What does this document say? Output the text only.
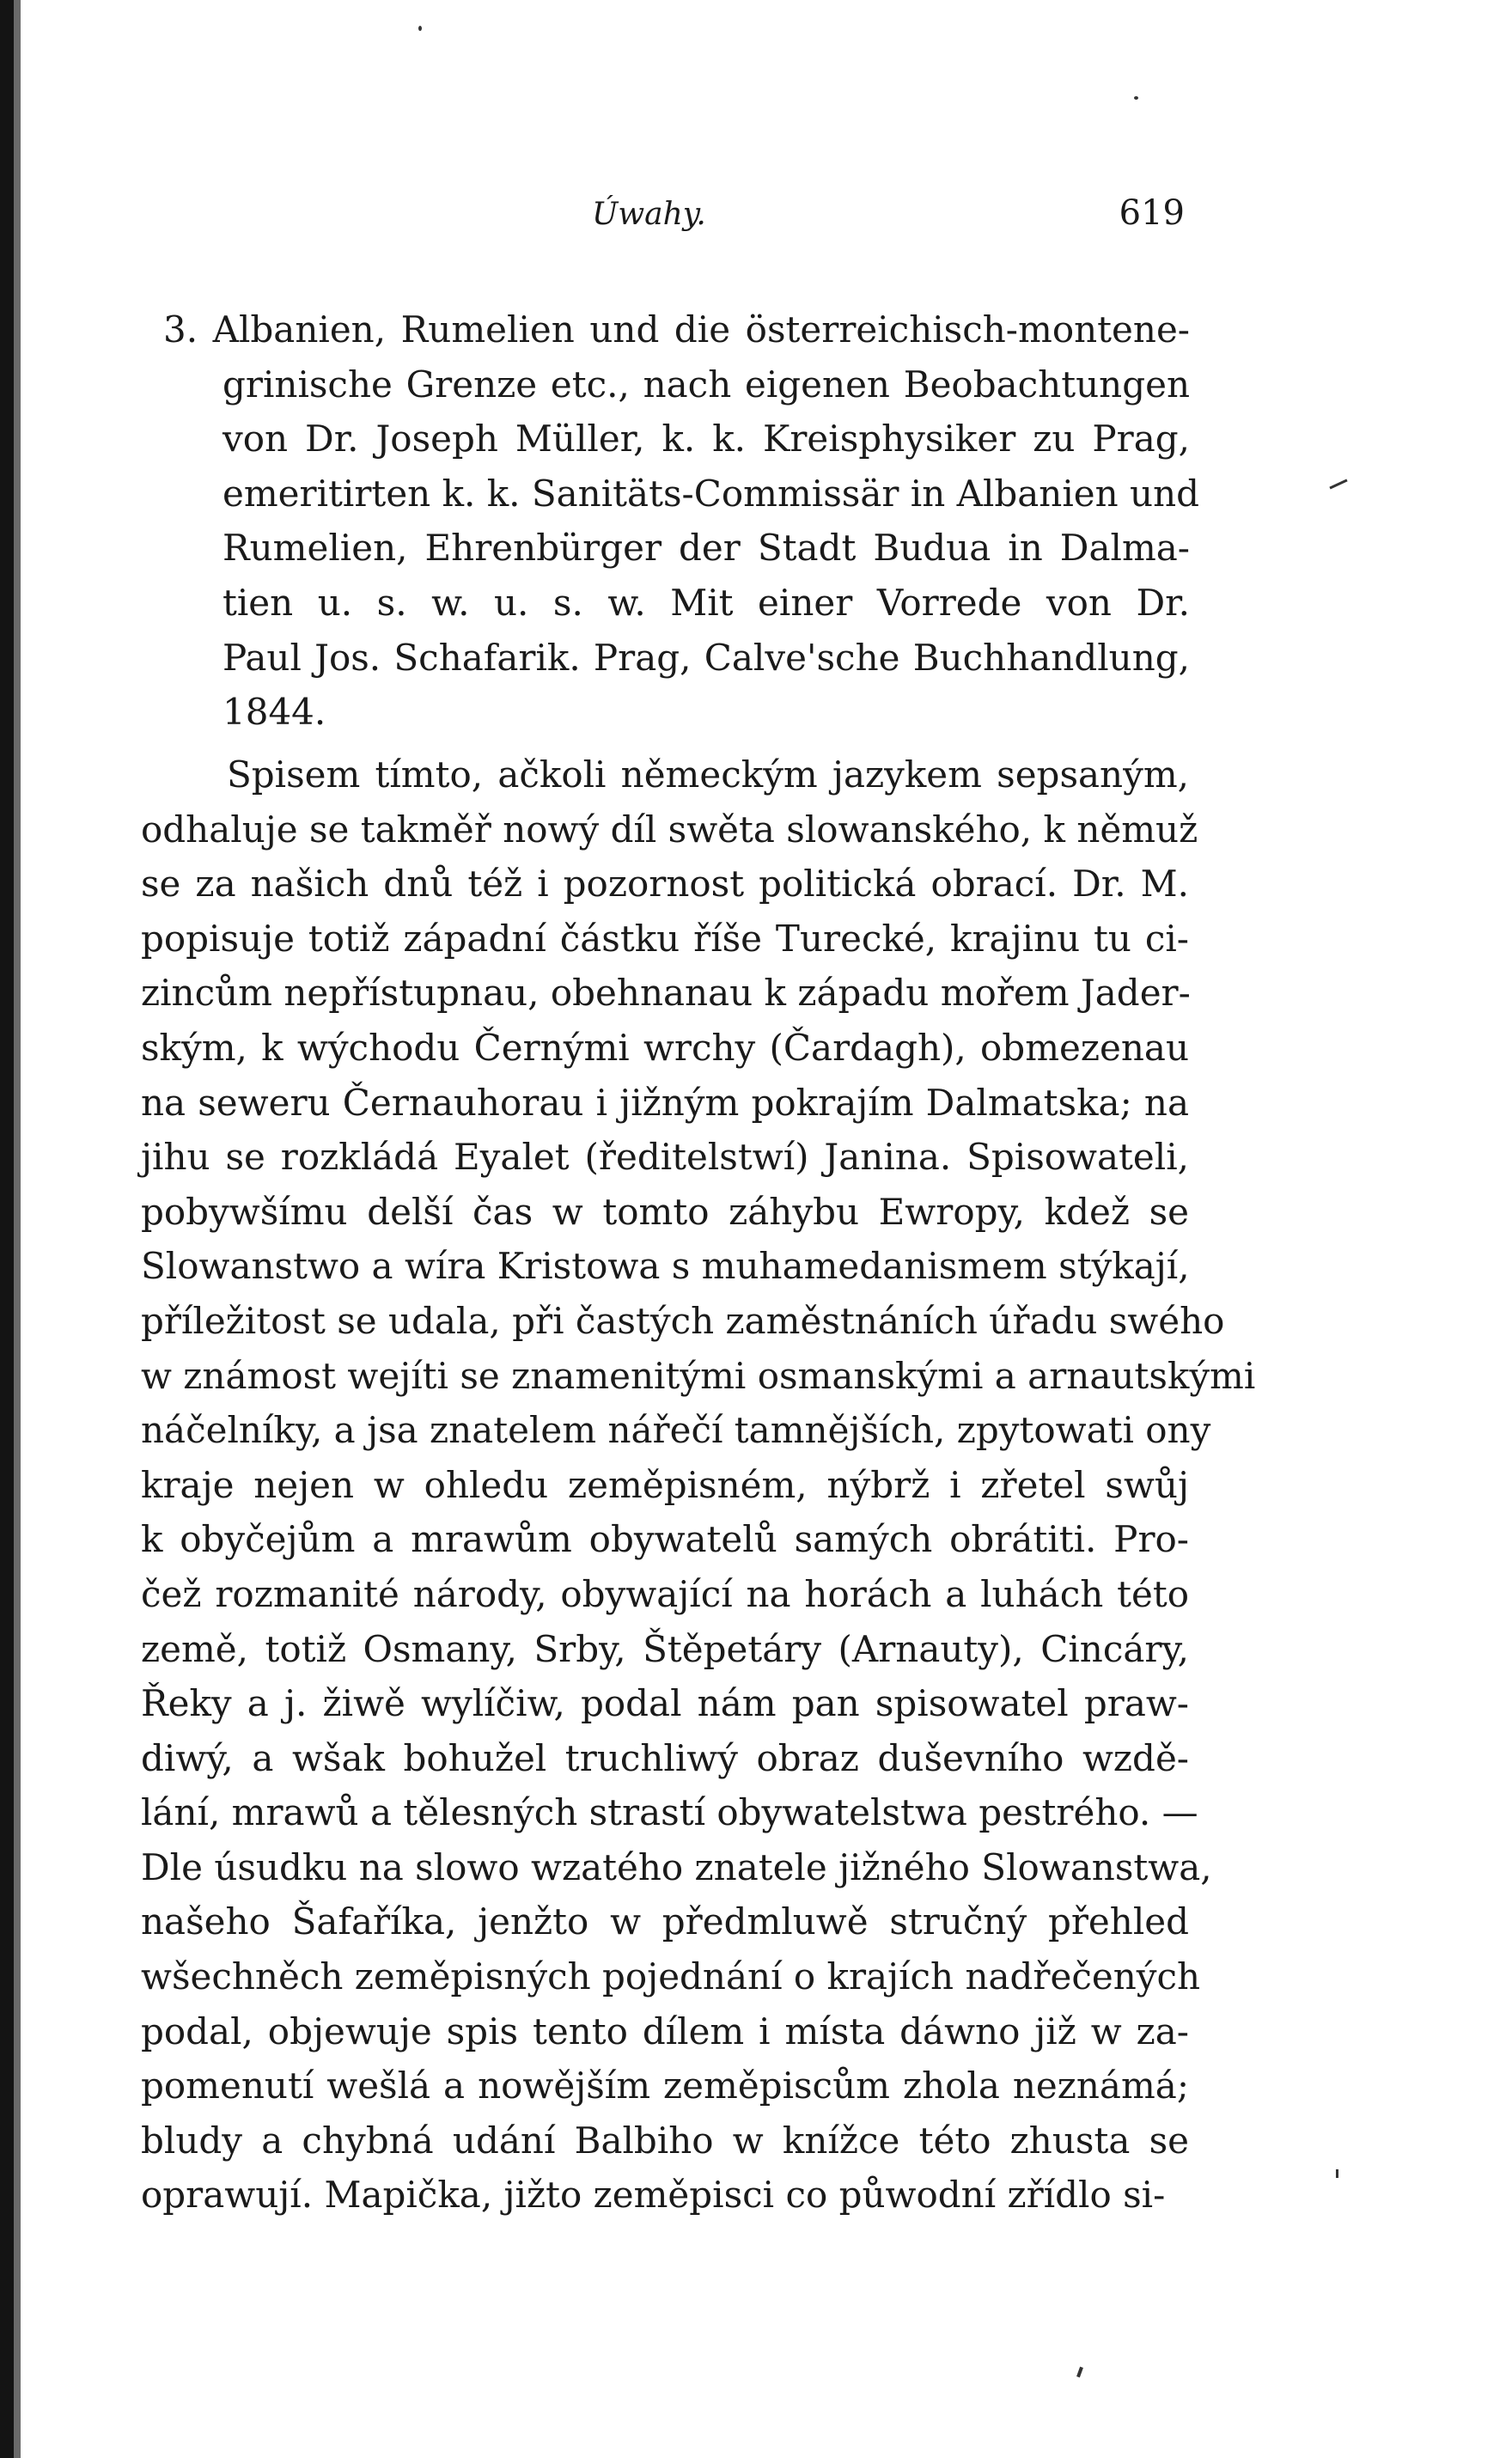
Úwahy.	619
3. Albanien, Rumelien und die österreichisch-montene-
grinische Grenze etc., nach eigenen Beobachtungen
von Dr. Joseph Müller, k. k. Kreisphysiker zu Prag,
emeritirten k. k. Sanitäts-Commissär in Albanien und
Rumelien, Ehrenbürger der Stadt Budua in Dalma-
tien u. s. w. u. s. w. Mit einer Vorrede von Dr.
Paul Jos. Schafarik. Prag, Calve'sche Buchhandlung,
1844.
Spisem tímto, ačkoli německým jazykem sepsaným,
odhaluje se takměř nowý díl swěta slowanského, k němuž
se za našich dnů též i pozornost politická obrací. Dr. M.
popisuje totiž západní částku říše Turecké, krajinu tu ci-
zincům nepřístupnau, obehnanau k západu mořem Jader-
ským, k wýchodu Černými wrchy (Čardagh), obmezenau
na seweru Černauhorau i jižným pokrajím Dalmatska; na
jihu se rozkládá Eyalet (ředitelstwí) Janina. Spisowateli,
pobywšímu delší čas w tomto záhybu Ewropy, kdež se
Slowanstwo a wíra Kristowa s muhamedanismem stýkají,
příležitost se udala, při častých zaměstnáních úřadu swého
w známost wejíti se znamenitými osmanskými a arnautskými
náčelníky, a jsa znatelem nářečí tamnějších, zpytowati ony
kraje nejen w ohledu zeměpisném, nýbrž i zřetel swůj
k obyčejům a mrawům obywatelů samých obrátiti. Pro-
čež rozmanité národy, obywající na horách a luhách této
země, totiž Osmany, Srby, Štěpetáry (Arnauty), Cincáry,
Řeky a j. žiwě wylíčiw, podal nám pan spisowatel praw-
diwý, a wšak bohužel truchliwý obraz duševního wzdě-
lání, mrawů a tělesných strastí obywatelstwa pestrého. —
Dle úsudku na slowo wzatého znatele jižného Slowanstwa,
našeho Šafaříka, jenžto w předmluwě stručný přehled
wšechněch zeměpisných pojednání o krajích nadřečených
podal, objewuje spis tento dílem i místa dáwno již w za-
pomenutí wešlá a nowějším zeměpiscům zhola neznámá;
bludy a chybná udání Balbiho w knížce této zhusta se
oprawují. Mapička, jižto zeměpisci co půwodní zřídlo si-
